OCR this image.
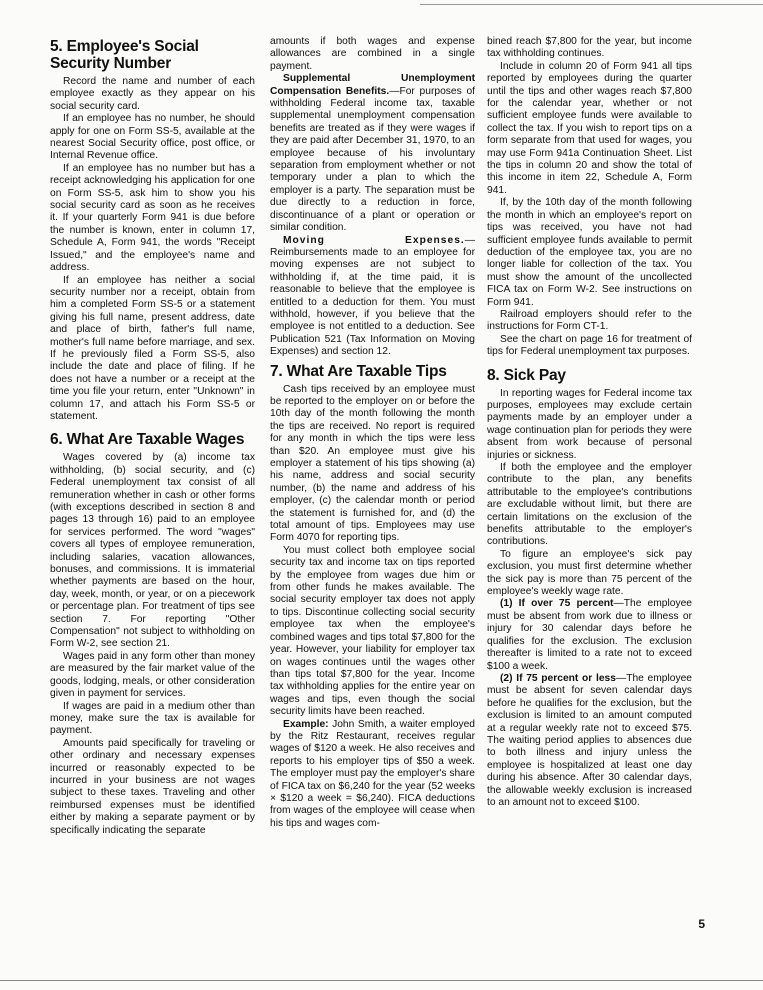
5. Employee's Social Security Number

Record the name and number of each employee exactly as they appear on his social security card.

If an employee has no number, he should apply for one on Form SS-5, available at the nearest Social Security office, post office, or Internal Revenue office.

If an employee has no number but has a receipt acknowledging his application for one on Form SS-5, ask him to show you his social security card as soon as he receives it. If your quarterly Form 941 is due before the number is known, enter in column 17, Schedule A, Form 941, the words "Receipt Issued," and the employee's name and address.

If an employee has neither a social security number nor a receipt, obtain from him a completed Form SS-5 or a statement giving his full name, present address, date and place of birth, father's full name, mother's full name before marriage, and sex. If he previously filed a Form SS-5, also include the date and place of filing. If he does not have a number or a receipt at the time you file your return, enter "Unknown" in column 17, and attach his Form SS-5 or statement.

6. What Are Taxable Wages

Wages covered by (a) income tax withholding, (b) social security, and (c) Federal unemployment tax consist of all remuneration whether in cash or other forms (with exceptions described in section 8 and pages 13 through 16) paid to an employee for services performed. The word "wages" covers all types of employee remuneration, including salaries, vacation allowances, bonuses, and commissions. It is immaterial whether payments are based on the hour, day, week, month, or year, or on a piecework or percentage plan. For treatment of tips see section 7. For reporting "Other Compensation" not subject to withholding on Form W-2, see section 21.

Wages paid in any form other than money are measured by the fair market value of the goods, lodging, meals, or other consideration given in payment for services.

If wages are paid in a medium other than money, make sure the tax is available for payment.

Amounts paid specifically for traveling or other ordinary and necessary expenses incurred or reasonably expected to be incurred in your business are not wages subject to these taxes. Traveling and other reimbursed expenses must be identified either by making a separate payment or by specifically indicating the separate

amounts if both wages and expense allowances are combined in a single payment.

Supplemental Unemployment Compensation Benefits.—For purposes of withholding Federal income tax, taxable supplemental unemployment compensation benefits are treated as if they were wages if they are paid after December 31, 1970, to an employee because of his involuntary separation from employment whether or not temporary under a plan to which the employer is a party. The separation must be due directly to a reduction in force, discontinuance of a plant or operation or similar condition.

Moving Expenses.—Reimbursements made to an employee for moving expenses are not subject to withholding if, at the time paid, it is reasonable to believe that the employee is entitled to a deduction for them. You must withhold, however, if you believe that the employee is not entitled to a deduction. See Publication 521 (Tax Information on Moving Expenses) and section 12.

7. What Are Taxable Tips

Cash tips received by an employee must be reported to the employer on or before the 10th day of the month following the month the tips are received. No report is required for any month in which the tips were less than $20. An employee must give his employer a statement of his tips showing (a) his name, address and social security number, (b) the name and address of his employer, (c) the calendar month or period the statement is furnished for, and (d) the total amount of tips. Employees may use Form 4070 for reporting tips.

You must collect both employee social security tax and income tax on tips reported by the employee from wages due him or from other funds he makes available. The social security employer tax does not apply to tips. Discontinue collecting social security employee tax when the employee's combined wages and tips total $7,800 for the year. However, your liability for employer tax on wages continues until the wages other than tips total $7,800 for the year. Income tax withholding applies for the entire year on wages and tips, even though the social security limits have been reached.

Example: John Smith, a waiter employed by the Ritz Restaurant, receives regular wages of $120 a week. He also receives and reports to his employer tips of $50 a week. The employer must pay the employer's share of FICA tax on $6,240 for the year (52 weeks × $120 a week = $6,240). FICA deductions from wages of the employee will cease when his tips and wages com-

bined reach $7,800 for the year, but income tax withholding continues.

Include in column 20 of Form 941 all tips reported by employees during the quarter until the tips and other wages reach $7,800 for the calendar year, whether or not sufficient employee funds were available to collect the tax. If you wish to report tips on a form separate from that used for wages, you may use Form 941a Continuation Sheet. List the tips in column 20 and show the total of this income in item 22, Schedule A, Form 941.

If, by the 10th day of the month following the month in which an employee's report on tips was received, you have not had sufficient employee funds available to permit deduction of the employee tax, you are no longer liable for collection of the tax. You must show the amount of the uncollected FICA tax on Form W-2. See instructions on Form 941.

Railroad employers should refer to the instructions for Form CT-1.

See the chart on page 16 for treatment of tips for Federal unemployment tax purposes.

8. Sick Pay

In reporting wages for Federal income tax purposes, employees may exclude certain payments made by an employer under a wage continuation plan for periods they were absent from work because of personal injuries or sickness.

If both the employee and the employer contribute to the plan, any benefits attributable to the employee's contributions are excludable without limit, but there are certain limitations on the exclusion of the benefits attributable to the employer's contributions.

To figure an employee's sick pay exclusion, you must first determine whether the sick pay is more than 75 percent of the employee's weekly wage rate.

(1) If over 75 percent—The employee must be absent from work due to illness or injury for 30 calendar days before he qualifies for the exclusion. The exclusion thereafter is limited to a rate not to exceed $100 a week.

(2) If 75 percent or less—The employee must be absent for seven calendar days before he qualifies for the exclusion, but the exclusion is limited to an amount computed at a regular weekly rate not to exceed $75. The waiting period applies to absences due to both illness and injury unless the employee is hospitalized at least one day during his absence. After 30 calendar days, the allowable weekly exclusion is increased to an amount not to exceed $100.

5
